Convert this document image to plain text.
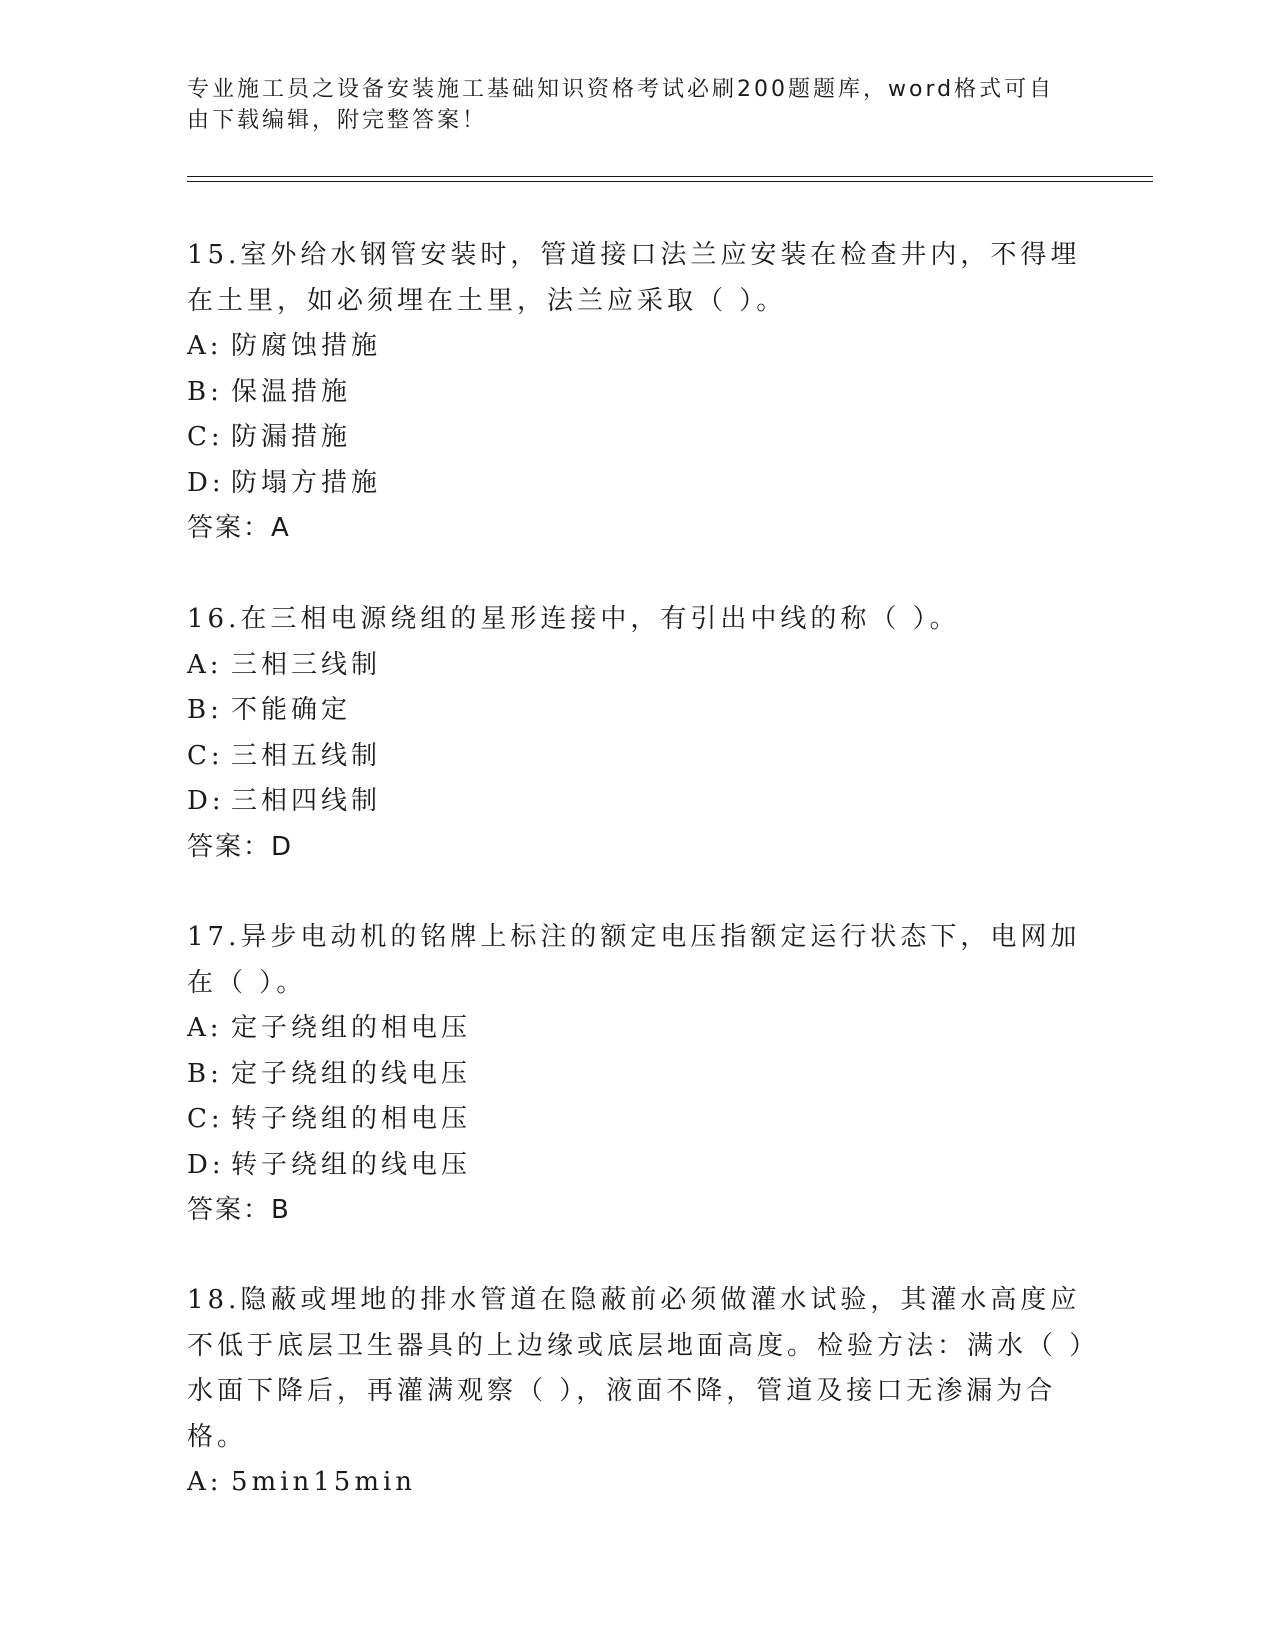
专业施工员之设备安装施工基础知识资格考试必刷200题题库，word格式可自由下载编辑，附完整答案！

15.室外给水钢管安装时，管道接口法兰应安装在检查井内，不得埋在土里，如必须埋在土里，法兰应采取（ ）。

A: 防腐蚀措施
B: 保温措施
C: 防漏措施
D: 防塌方措施
答案：A

16.在三相电源绕组的星形连接中，有引出中线的称（ ）。

A: 三相三线制
B: 不能确定
C: 三相五线制
D: 三相四线制
答案：D

17.异步电动机的铭牌上标注的额定电压指额定运行状态下，电网加在（ ）。

A: 定子绕组的相电压
B: 定子绕组的线电压
C: 转子绕组的相电压
D: 转子绕组的线电压
答案：B

18.隐蔽或埋地的排水管道在隐蔽前必须做灌水试验，其灌水高度应不低于底层卫生器具的上边缘或底层地面高度。检验方法：满水（ ）水面下降后，再灌满观察（ ），液面不降，管道及接口无渗漏为合格。

A: 5min15min
